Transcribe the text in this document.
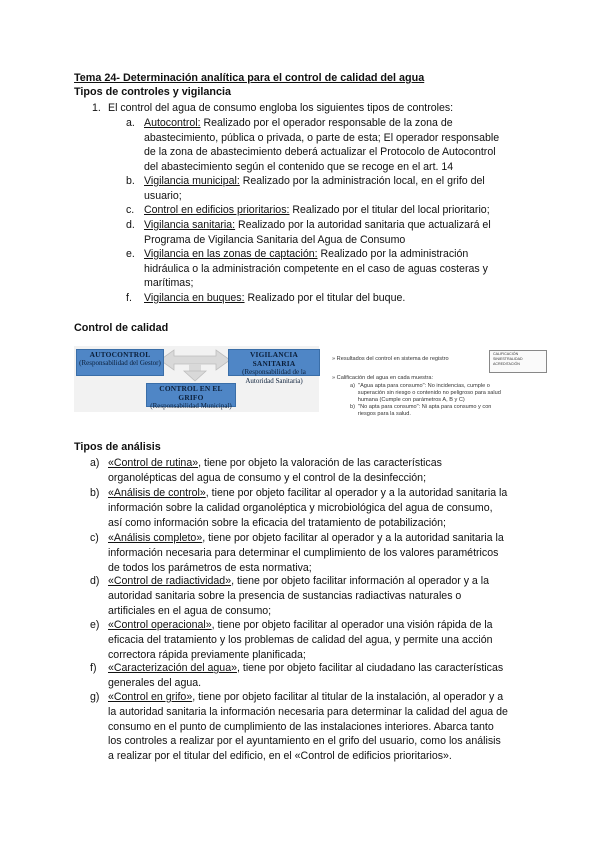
Tema 24- Determinación analítica para el control de calidad del agua
Tipos de controles y vigilancia
1. El control del agua de consumo engloba los siguientes tipos de controles:
a. Autocontrol: Realizado por el operador responsable de la zona de
abastecimiento, pública o privada, o parte de esta; El operador responsable
de la zona de abastecimiento deberá actualizar el Protocolo de Autocontrol
del abastecimiento según el contenido que se recoge en el art. 14
b. Vigilancia municipal: Realizado por la administración local, en el grifo del
usuario;
c. Control en edificios prioritarios: Realizado por el titular del local prioritario;
d. Vigilancia sanitaria: Realizado por la autoridad sanitaria que actualizará el
Programa de Vigilancia Sanitaria del Agua de Consumo
e. Vigilancia en las zonas de captación: Realizado por la administración
hidráulica o la administración competente en el caso de aguas costeras y
marítimas;
f. Vigilancia en buques: Realizado por el titular del buque.
Control de calidad
AUTOCONTROL
(Responsabilidad del Gestor)
VIGILANCIA SANITARIA
(Responsabilidad de la Autoridad Sanitaria)
CONTROL EN EL GRIFO
(Responsabilidad Municipal)
» Resultados del control en sistema de registro
CALIFICACIÓN
SINIESTRALIDAD
ACREDITACIÓN
» Calificación del agua en cada muestra:
a) "Agua apta para consumo": No incidencias, cumple o
superación sin riesgo o contenido no peligroso para salud
humana (Cumple con parámetros A, B y C)
b) "No apta para consumo": Ni apta para consumo y con
riesgos para la salud.
Tipos de análisis
a) «Control de rutina», tiene por objeto la valoración de las características
organolépticas del agua de consumo y el control de la desinfección;
b) «Análisis de control», tiene por objeto facilitar al operador y a la autoridad sanitaria la
información sobre la calidad organoléptica y microbiológica del agua de consumo,
así como información sobre la eficacia del tratamiento de potabilización;
c) «Análisis completo», tiene por objeto facilitar al operador y a la autoridad sanitaria la
información necesaria para determinar el cumplimiento de los valores paramétricos
de todos los parámetros de esta normativa;
d) «Control de radiactividad», tiene por objeto facilitar información al operador y a la
autoridad sanitaria sobre la presencia de sustancias radiactivas naturales o
artificiales en el agua de consumo;
e) «Control operacional», tiene por objeto facilitar al operador una visión rápida de la
eficacia del tratamiento y los problemas de calidad del agua, y permite una acción
correctora rápida previamente planificada;
f) «Caracterización del agua», tiene por objeto facilitar al ciudadano las características
generales del agua.
g) «Control en grifo», tiene por objeto facilitar al titular de la instalación, al operador y a
la autoridad sanitaria la información necesaria para determinar la calidad del agua de
consumo en el punto de cumplimiento de las instalaciones interiores. Abarca tanto
los controles a realizar por el ayuntamiento en el grifo del usuario, como los análisis
a realizar por el titular del edificio, en el «Control de edificios prioritarios».
